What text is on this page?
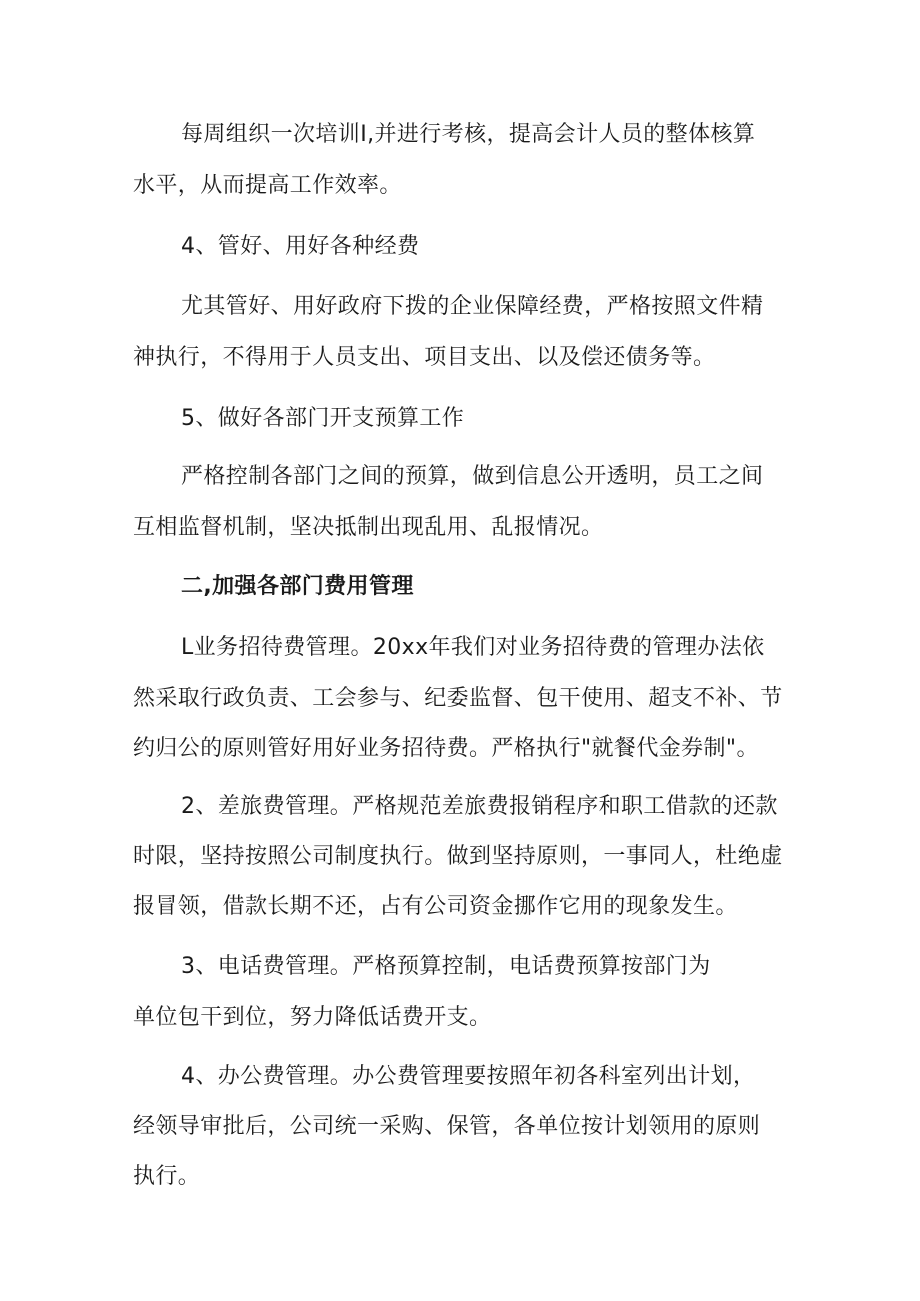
每周组织一次培训Ⅰ,并进行考核，提高会计人员的整体核算
水平，从而提高工作效率。
4、管好、用好各种经费
尤其管好、用好政府下拨的企业保障经费，严格按照文件精
神执行，不得用于人员支出、项目支出、以及偿还债务等。
5、做好各部门开支预算工作
严格控制各部门之间的预算，做到信息公开透明，员工之间
互相监督机制，坚决抵制出现乱用、乱报情况。
二,加强各部门费用管理
L业务招待费管理。20xx年我们对业务招待费的管理办法依
然采取行政负责、工会参与、纪委监督、包干使用、超支不补、节
约归公的原则管好用好业务招待费。严格执行"就餐代金券制"。
2、差旅费管理。严格规范差旅费报销程序和职工借款的还款
时限，坚持按照公司制度执行。做到坚持原则，一事同人，杜绝虚
报冒领，借款长期不还，占有公司资金挪作它用的现象发生。
3、电话费管理。严格预算控制，电话费预算按部门为
单位包干到位，努力降低话费开支。
4、办公费管理。办公费管理要按照年初各科室列出计划，
经领导审批后，公司统一采购、保管，各单位按计划领用的原则
执行。
